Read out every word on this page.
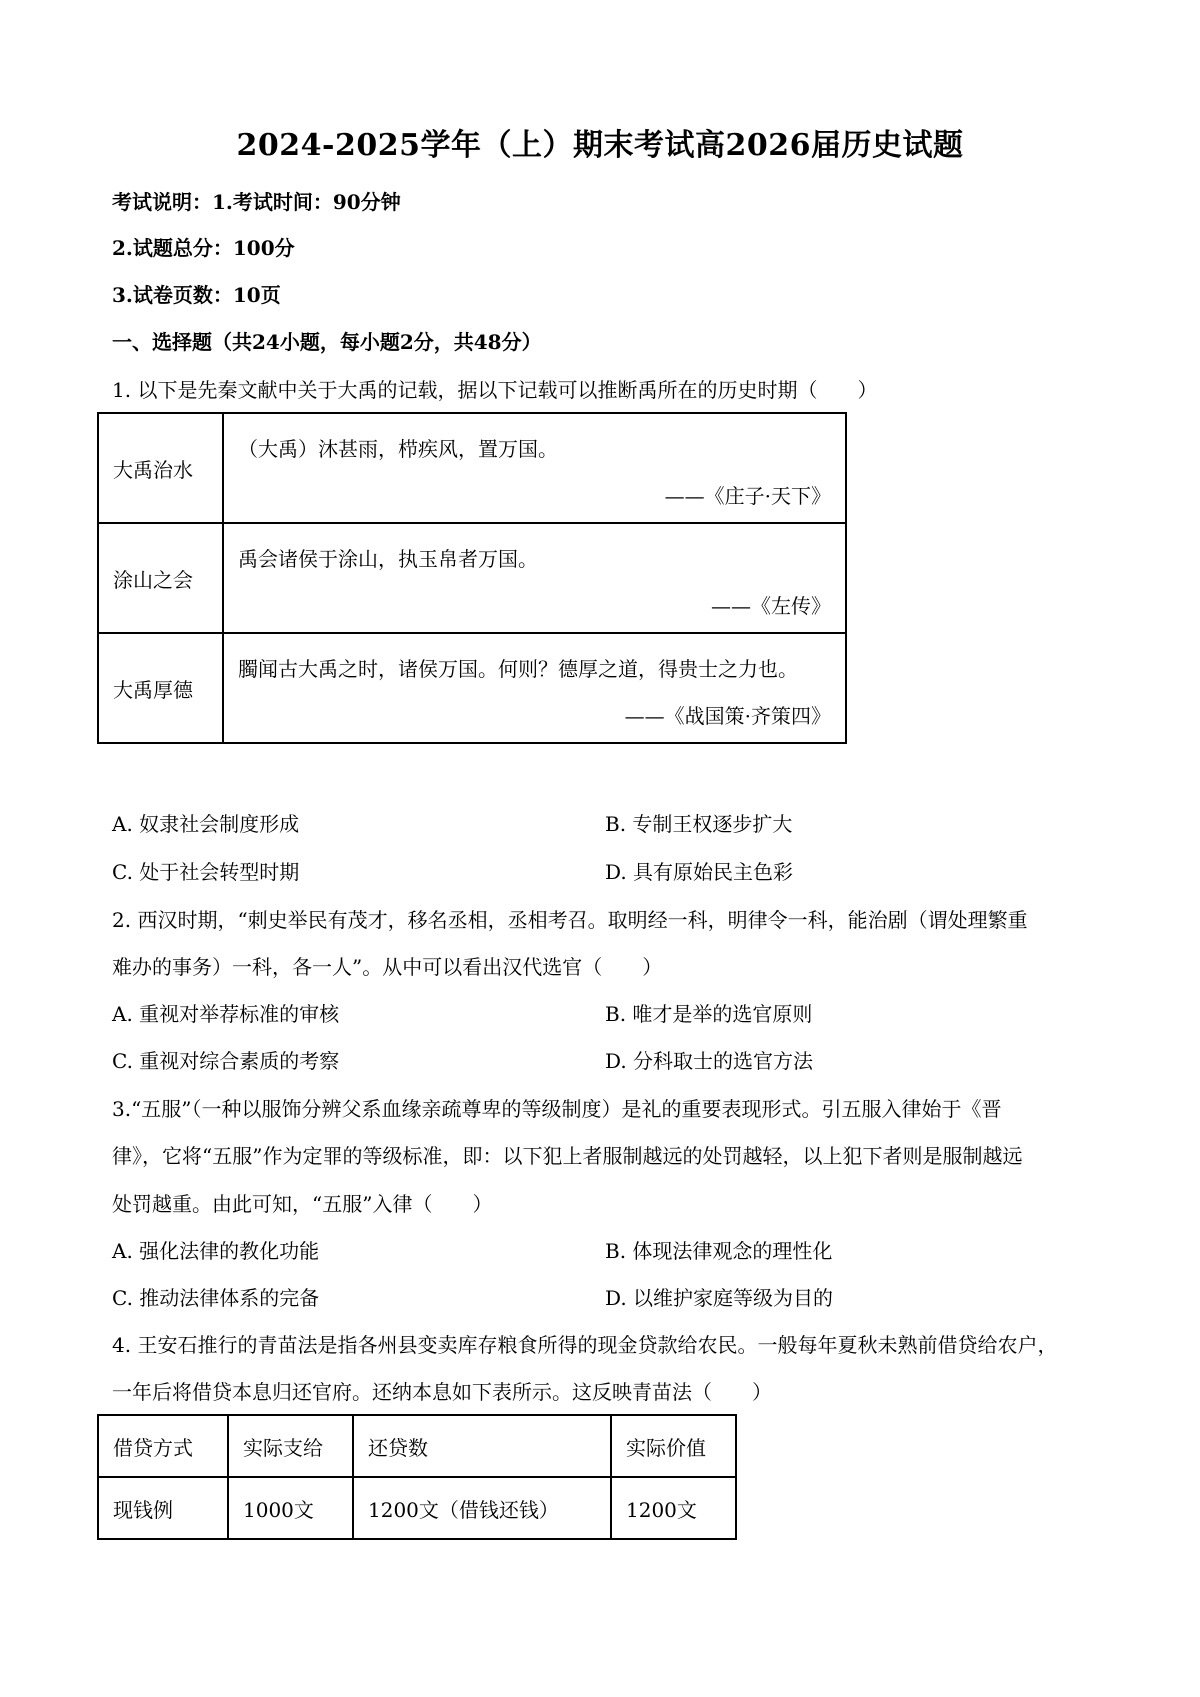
2024-2025学年（上）期末考试高2026届历史试题
考试说明：1.考试时间：90分钟
2.试题总分：100分
3.试卷页数：10页
一、选择题（共24小题，每小题2分，共48分）
1. 以下是先秦文献中关于大禹的记载，据以下记载可以推断禹所在的历史时期（　　）
大禹治水	（大禹）沐甚雨，栉疾风，置万国。
——《庄子·天下》

涂山之会	禹会诸侯于涂山，执玉帛者万国。
——《左传》

大禹厚德	臅闻古大禹之时，诸侯万国。何则？德厚之道，得贵士之力也。
——《战国策·齐策四》
A. 奴隶社会制度形成	B. 专制王权逐步扩大
C. 处于社会转型时期	D. 具有原始民主色彩
2. 西汉时期，“刺史举民有茂才，移名丞相，丞相考召。取明经一科，明律令一科，能治剧（谓处理繁重
难办的事务）一科，各一人”。从中可以看出汉代选官（　　）
A. 重视对举荐标准的审核	B. 唯才是举的选官原则
C. 重视对综合素质的考察	D. 分科取士的选官方法
3.“五服”（一种以服饰分辨父系血缘亲疏尊卑的等级制度）是礼的重要表现形式。引五服入律始于《晋
律》，它将“五服”作为定罪的等级标准，即：以下犯上者服制越远的处罚越轻，以上犯下者则是服制越远
处罚越重。由此可知，“五服”入律（　　）
A. 强化法律的教化功能	B. 体现法律观念的理性化
C. 推动法律体系的完备	D. 以维护家庭等级为目的
4. 王安石推行的青苗法是指各州县变卖库存粮食所得的现金贷款给农民。一般每年夏秋未熟前借贷给农户，
一年后将借贷本息归还官府。还纳本息如下表所示。这反映青苗法（　　）
借贷方式	实际支给	还贷数	实际价值
现钱例	1000文	1200文（借钱还钱）	1200文
